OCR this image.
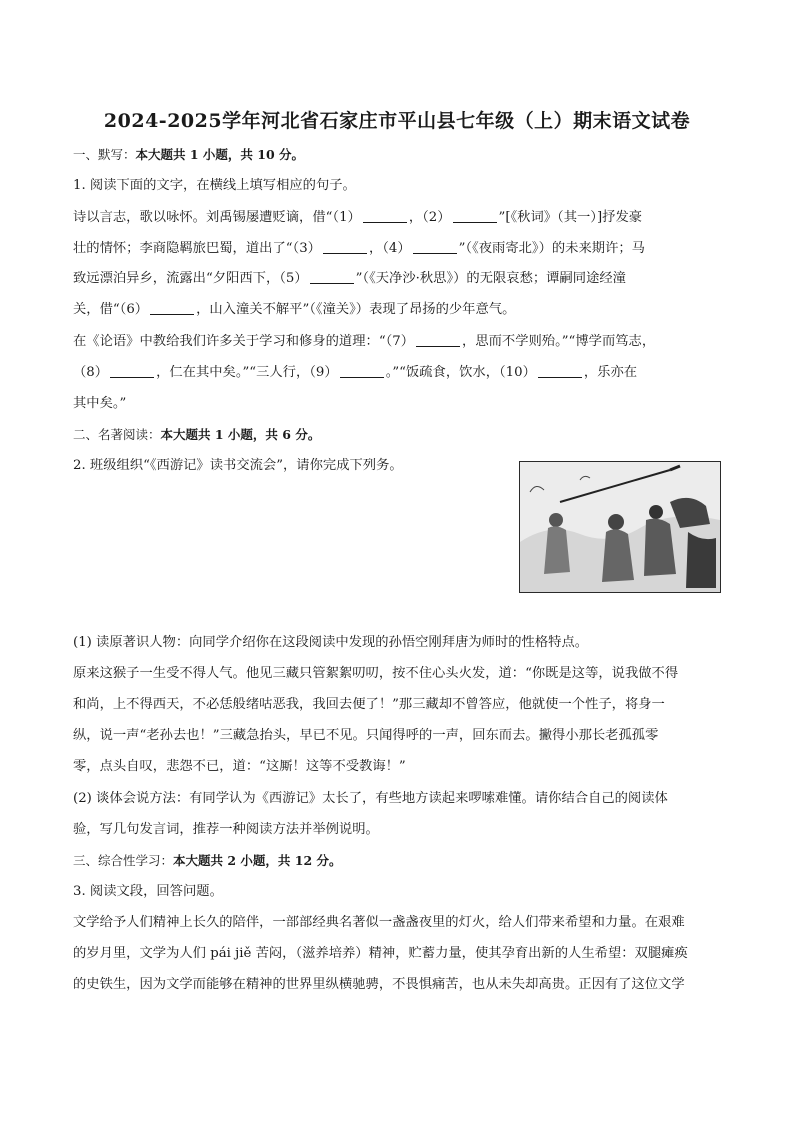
2024-2025学年河北省石家庄市平山县七年级（上）期末语文试卷
一、默写：本大题共 1 小题，共 10 分。
1. 阅读下面的文字，在横线上填写相应的句子。
诗以言志，歌以咏怀。刘禹锡屡遭贬谪，借“（1）	，（2）	”[《秋词》（其一）]抒发豪
壮的情怀；李商隐羁旅巴蜀，道出了“（3）	，（4）	”（《夜雨寄北》）的未来期许；马
致远漂泊异乡，流露出“夕阳西下，（5）	”（《天净沙·秋思》）的无限哀愁；谭嗣同途经潼
关，借“（6）	，山入潼关不解平”（《潼关》）表现了昂扬的少年意气。
在《论语》中教给我们许多关于学习和修身的道理：“（7）	，思而不学则殆。”“博学而笃志，
（8）	，仁在其中矣。”“三人行，（9）	。”“饭疏食，饮水，（10）	，乐亦在
其中矣。”
二、名著阅读：本大题共 1 小题，共 6 分。
2. 班级组织“《西游记》读书交流会”，请你完成下列务。
(1) 读原著识人物：向同学介绍你在这段阅读中发现的孙悟空刚拜唐为师时的性格特点。
原来这猴子一生受不得人气。他见三藏只管絮絮叨叨，按不住心头火发，道：“你既是这等，说我做不得
和尚，上不得西天，不必恁般绪咕恶我，我回去便了！”那三藏却不曾答应，他就使一个性子，将身一
纵，说一声“老孙去也！”三藏急抬头，早已不见。只闻得呼的一声，回东而去。撇得小那长老孤孤零
零，点头自叹，悲怨不已，道：“这厮！这等不受教诲！”
(2) 谈体会说方法：有同学认为《西游记》太长了，有些地方读起来啰嗦难懂。请你结合自己的阅读体
验，写几句发言词，推荐一种阅读方法并举例说明。
三、综合性学习：本大题共 2 小题，共 12 分。
3. 阅读文段，回答问题。
文学给予人们精神上长久的陪伴，一部部经典名著似一盏盏夜里的灯火，给人们带来希望和力量。在艰难
的岁月里，文学为人们 pái jiě 苦闷，（滋养培养）精神，贮蓄力量，使其孕育出新的人生希望：双腿瘫痪
的史铁生，因为文学而能够在精神的世界里纵横驰骋，不畏惧痛苦，也从未失却高贵。正因有了这位文学
